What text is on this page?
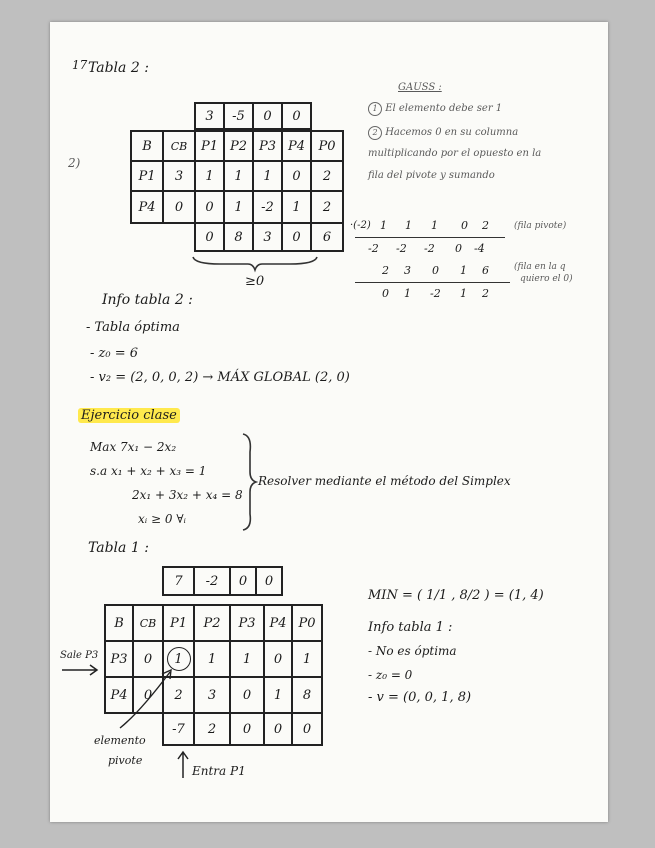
17 Tabla 2 :
2)
3	-5	0	0
B	CB	P1 P2 P3 P4	P0
P1	3	1	1	1	0	2
P4	0	0	1	-2	1	2
0	8	3	0	6
≥0
GAUSS :
1 El elemento debe ser 1
2 Hacemos 0 en su columna
multiplicando por el opuesto en la
fila del pivote y sumando
·(-2) 1 1 1 0 2	(fila pivote)
-2 -2 -2 0 -4
2 3 0 1 6	(fila en la q
quiero el 0)
0 1 -2 1 2
Info tabla 2 :
- Tabla óptima
- z₀ = 6
- v₂ = (2, 0, 0, 2) → MÁX GLOBAL (2, 0)
Ejercicio clase
Max 7x₁ − 2x₂
s.a x₁ + x₂ + x₃ = 1
2x₁ + 3x₂ + x₄ = 8
xᵢ ≥ 0 ∀ᵢ
Resolver mediante el método del Simplex
Tabla 1 :
7	-2	0	0
B	CB	P1	P2	P3	P4 P0
P3	0	1	1	1	0	1
P4	0	2	3	0	1	8
-7	2	0	0	0
Sale P3
elemento
pivote
Entra P1
MIN = ( 1/1 , 8/2 ) = (1, 4)
Info tabla 1 :
- No es óptima
- z₀ = 0
- v = (0, 0, 1, 8)
